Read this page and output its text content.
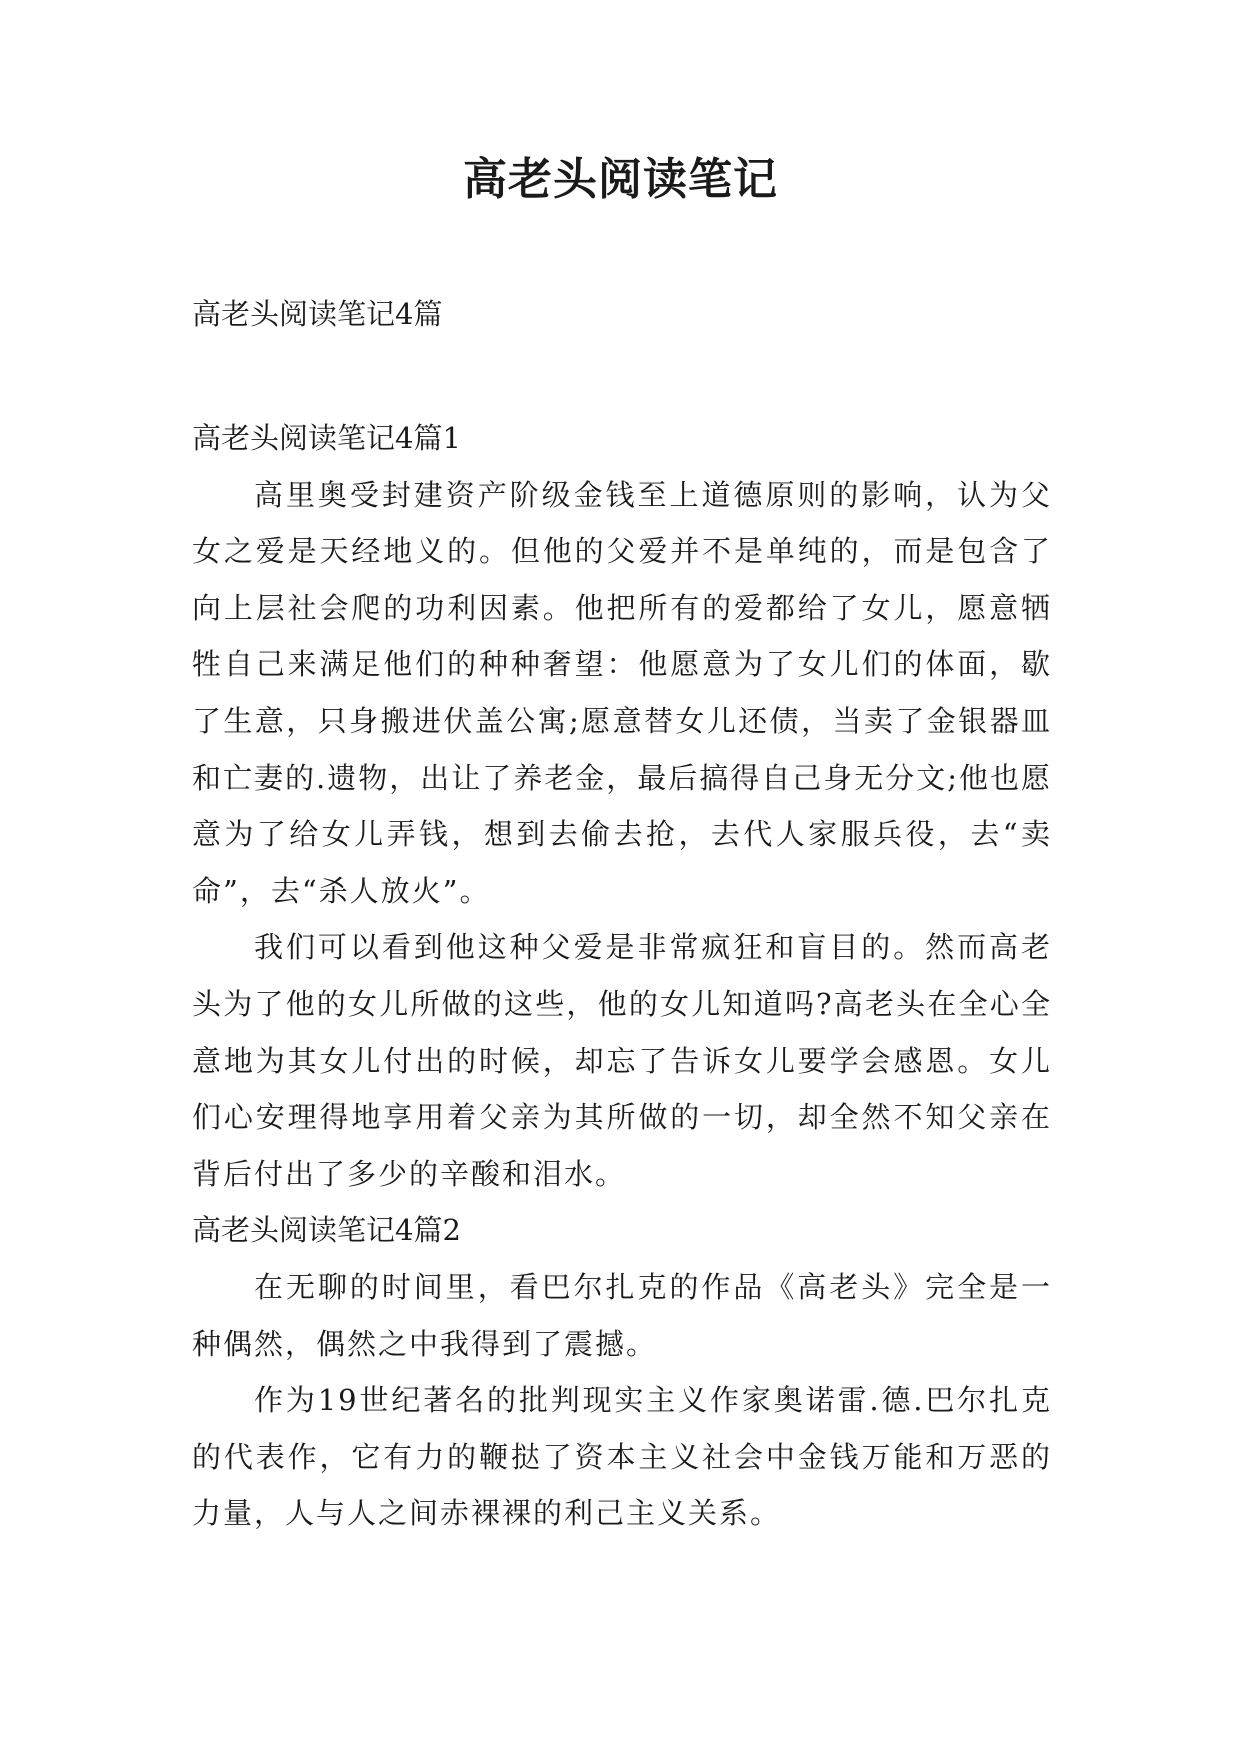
高老头阅读笔记
高老头阅读笔记4篇

高老头阅读笔记4篇1

高里奥受封建资产阶级金钱至上道德原则的影响，认为父女之爱是天经地义的。但他的父爱并不是单纯的，而是包含了向上层社会爬的功利因素。他把所有的爱都给了女儿，愿意牺牲自己来满足他们的种种奢望：他愿意为了女儿们的体面，歇了生意，只身搬进伏盖公寓;愿意替女儿还债，当卖了金银器皿和亡妻的.遗物，出让了养老金，最后搞得自己身无分文;他也愿意为了给女儿弄钱，想到去偷去抢，去代人家服兵役，去“卖命”，去“杀人放火”。

我们可以看到他这种父爱是非常疯狂和盲目的。然而高老头为了他的女儿所做的这些，他的女儿知道吗?高老头在全心全意地为其女儿付出的时候，却忘了告诉女儿要学会感恩。女儿们心安理得地享用着父亲为其所做的一切，却全然不知父亲在背后付出了多少的辛酸和泪水。

高老头阅读笔记4篇2

在无聊的时间里，看巴尔扎克的作品《高老头》完全是一种偶然，偶然之中我得到了震撼。

作为19世纪著名的批判现实主义作家奥诺雷.德.巴尔扎克的代表作，它有力的鞭挞了资本主义社会中金钱万能和万恶的力量，人与人之间赤裸裸的利己主义关系。
